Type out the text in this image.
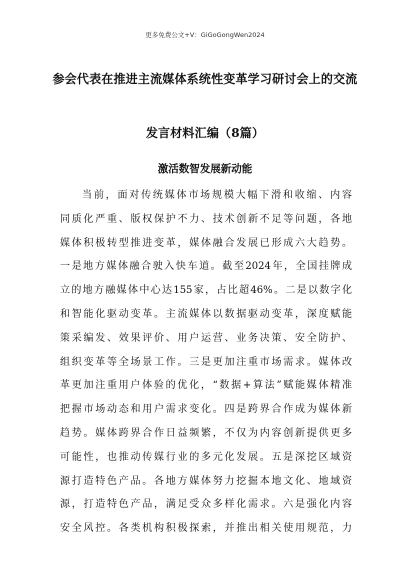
更多免费公文+V：GiGoGongWen2024
参会代表在推进主流媒体系统性变革学习研讨会上的交流
发言材料汇编（8篇）
激活数智发展新动能
当前，面对传统媒体市场规模大幅下滑和收缩、内容
同质化严重、版权保护不力、技术创新不足等问题，各地
媒体积极转型推进变革，媒体融合发展已形成六大趋势。
一是地方媒体融合驶入快车道。截至2024年，全国挂牌成
立的地方融媒体中心达155家，占比超46%。二是以数字化
和智能化驱动变革。主流媒体以数据驱动变革，深度赋能
策采编发、效果评价、用户运营、业务决策、安全防护、
组织变革等全场景工作。三是更加注重市场需求。媒体改
革更加注重用户体验的优化，“数据+算法”赋能媒体精准
把握市场动态和用户需求变化。四是跨界合作成为媒体新
趋势。媒体跨界合作日益频繁，不仅为内容创新提供更多
可能性，也推动传媒行业的多元化发展。五是深挖区域资
源打造特色产品。各地方媒体努力挖掘本地文化、地域资
源，打造特色产品，满足受众多样化需求。六是强化内容
安全风控。各类机构积极探索，并推出相关使用规范，力
